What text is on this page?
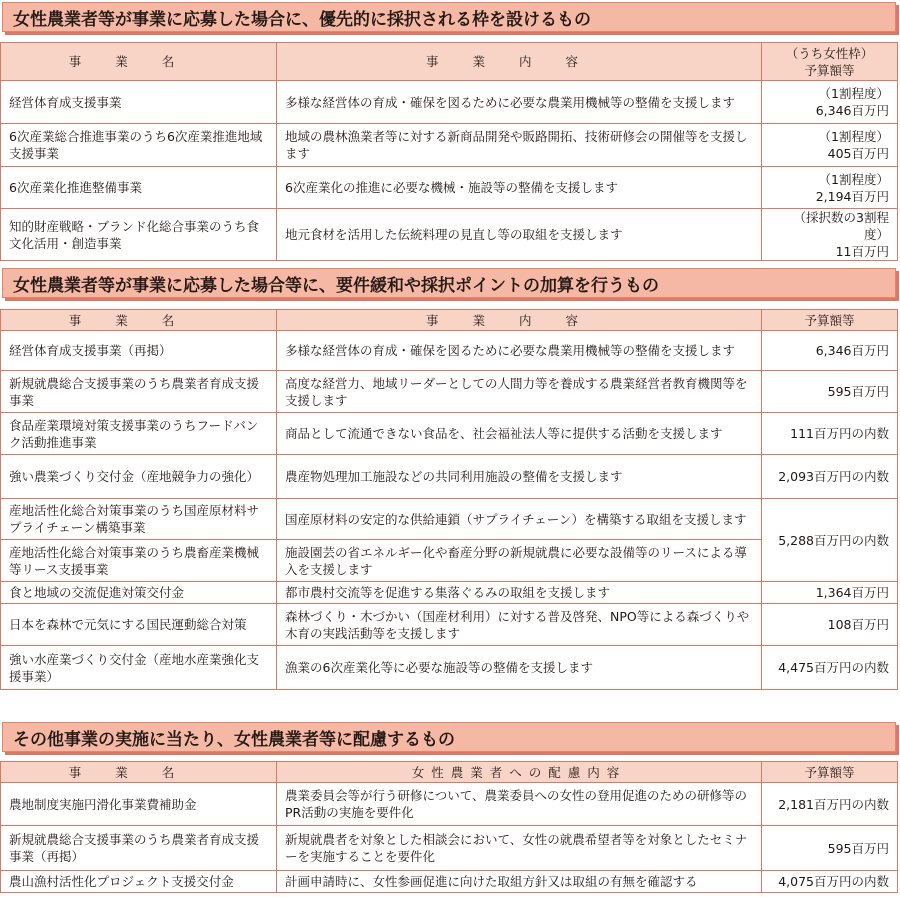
女性農業者等が事業に応募した場合に、優先的に採択される枠を設けるもの
事業名	事業内容	（うち女性枠）
予算額等
経営体育成支援事業	多様な経営体の育成・確保を図るために必要な農業用機械等の整備を支援します	（1割程度）
6,346百万円
6次産業総合推進事業のうち6次産業推進地域支援事業	地域の農林漁業者等に対する新商品開発や販路開拓、技術研修会の開催等を支援します	（1割程度）
405百万円
6次産業化推進整備事業	6次産業化の推進に必要な機械・施設等の整備を支援します	（1割程度）
2,194百万円
知的財産戦略・ブランド化総合事業のうち食文化活用・創造事業	地元食材を活用した伝統料理の見直し等の取組を支援します	（採択数の3割程度）
11百万円
女性農業者等が事業に応募した場合等に、要件緩和や採択ポイントの加算を行うもの
事業名	事業内容	予算額等
経営体育成支援事業（再掲）	多様な経営体の育成・確保を図るために必要な農業用機械等の整備を支援します	6,346百万円
新規就農総合支援事業のうち農業者育成支援事業	高度な経営力、地域リーダーとしての人間力等を養成する農業経営者教育機関等を支援します	595百万円
食品産業環境対策支援事業のうちフードバンク活動推進事業	商品として流通できない食品を、社会福祉法人等に提供する活動を支援します	111百万円の内数
強い農業づくり交付金（産地競争力の強化）	農産物処理加工施設などの共同利用施設の整備を支援します	2,093百万円の内数
産地活性化総合対策事業のうち国産原材料サプライチェーン構築事業	国産原材料の安定的な供給連鎖（サプライチェーン）を構築する取組を支援します	5,288百万円の内数
産地活性化総合対策事業のうち農畜産業機械等リース支援事業	施設園芸の省エネルギー化や畜産分野の新規就農に必要な設備等のリースによる導入を支援します	
食と地域の交流促進対策交付金	都市農村交流等を促進する集落ぐるみの取組を支援します	1,364百万円
日本を森林で元気にする国民運動総合対策	森林づくり・木づかい（国産材利用）に対する普及啓発、NPO等による森づくりや木育の実践活動等を支援します	108百万円
強い水産業づくり交付金（産地水産業強化支援事業）	漁業の6次産業化等に必要な施設等の整備を支援します	4,475百万円の内数
その他事業の実施に当たり、女性農業者等に配慮するもの
事業名	女性農業者への配慮内容	予算額等
農地制度実施円滑化事業費補助金	農業委員会等が行う研修について、農業委員への女性の登用促進のための研修等のPR活動の実施を要件化	2,181百万円の内数
新規就農総合支援事業のうち農業者育成支援事業（再掲）	新規就農者を対象とした相談会において、女性の就農希望者等を対象としたセミナーを実施することを要件化	595百万円
農山漁村活性化プロジェクト支援交付金	計画申請時に、女性参画促進に向けた取組方針又は取組の有無を確認する	4,075百万円の内数
